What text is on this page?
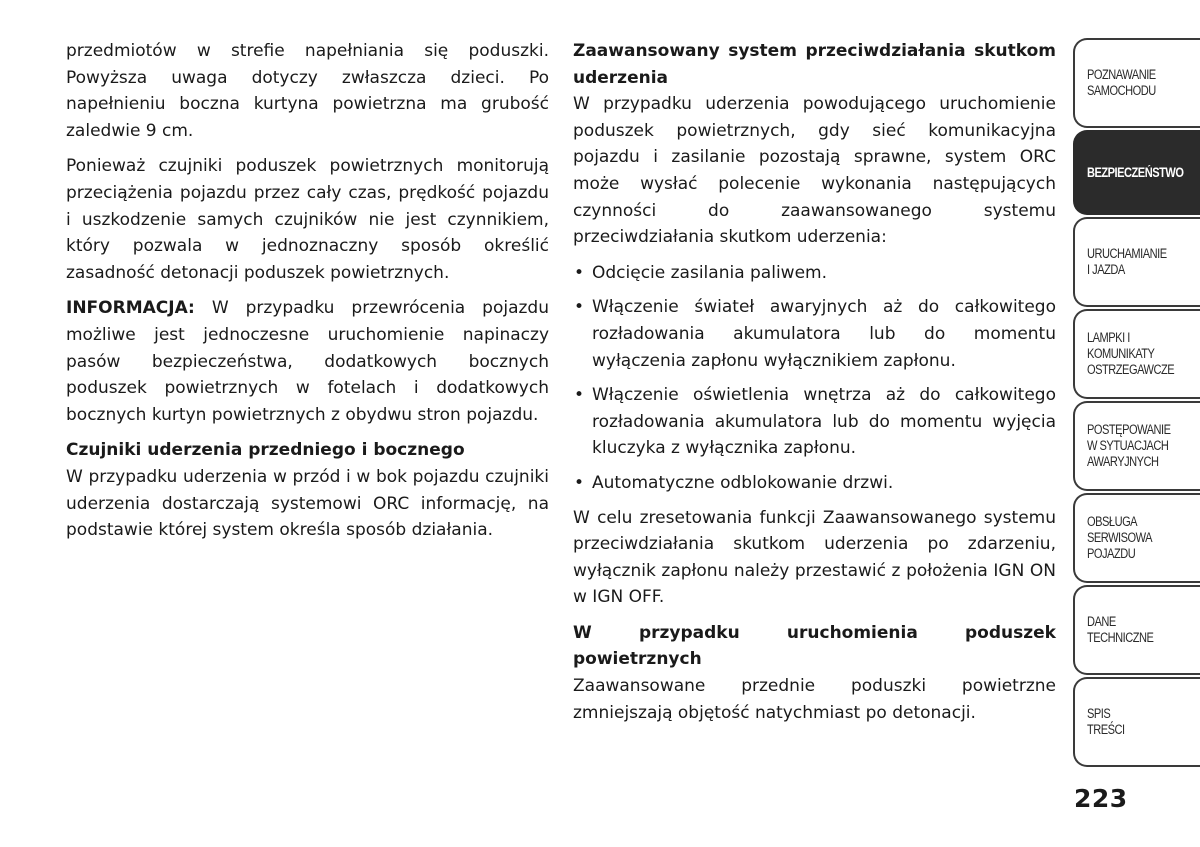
przedmiotów w strefie napełniania się poduszki. Powyższa uwaga dotyczy zwłaszcza dzieci. Po napełnieniu boczna kurtyna powietrzna ma grubość zaledwie 9 cm.

Ponieważ czujniki poduszek powietrznych monitorują przeciążenia pojazdu przez cały czas, prędkość pojazdu i uszkodzenie samych czujników nie jest czynnikiem, który pozwala w jednoznaczny sposób określić zasadność detonacji poduszek powietrznych.

INFORMACJA: W przypadku przewrócenia pojazdu możliwe jest jednoczesne uruchomienie napinaczy pasów bezpieczeństwa, dodatkowych bocznych poduszek powietrznych w fotelach i dodatkowych bocznych kurtyn powietrznych z obydwu stron pojazdu.

Czujniki uderzenia przedniego i bocznego

W przypadku uderzenia w przód i w bok pojazdu czujniki uderzenia dostarczają systemowi ORC informację, na podstawie której system określa sposób działania.

Zaawansowany system przeciwdziałania skutkom uderzenia

W przypadku uderzenia powodującego uruchomienie poduszek powietrznych, gdy sieć komunikacyjna pojazdu i zasilanie pozostają sprawne, system ORC może wysłać polecenie wykonania następujących czynności do zaawansowanego systemu przeciwdziałania skutkom uderzenia:

• Odcięcie zasilania paliwem.
• Włączenie świateł awaryjnych aż do całkowitego rozładowania akumulatora lub do momentu wyłączenia zapłonu wyłącznikiem zapłonu.
• Włączenie oświetlenia wnętrza aż do całkowitego rozładowania akumulatora lub do momentu wyjęcia kluczyka z wyłącznika zapłonu.
• Automatyczne odblokowanie drzwi.

W celu zresetowania funkcji Zaawansowanego systemu przeciwdziałania skutkom uderzenia po zdarzeniu, wyłącznik zapłonu należy przestawić z położenia IGN ON w IGN OFF.

W przypadku uruchomienia poduszek powietrznych

Zaawansowane przednie poduszki powietrzne zmniejszają objętość natychmiast po detonacji.

POZNAWANIE
SAMOCHODU
BEZPIECZEŃSTWO
URUCHAMIANIE
I JAZDA
LAMPKI I
KOMUNIKATY
OSTRZEGAWCZE
POSTĘPOWANIE
W SYTUACJACH
AWARYJNYCH
OBSŁUGA
SERWISOWA
POJAZDU
DANE
TECHNICZNE
SPIS
TREŚCI
223
